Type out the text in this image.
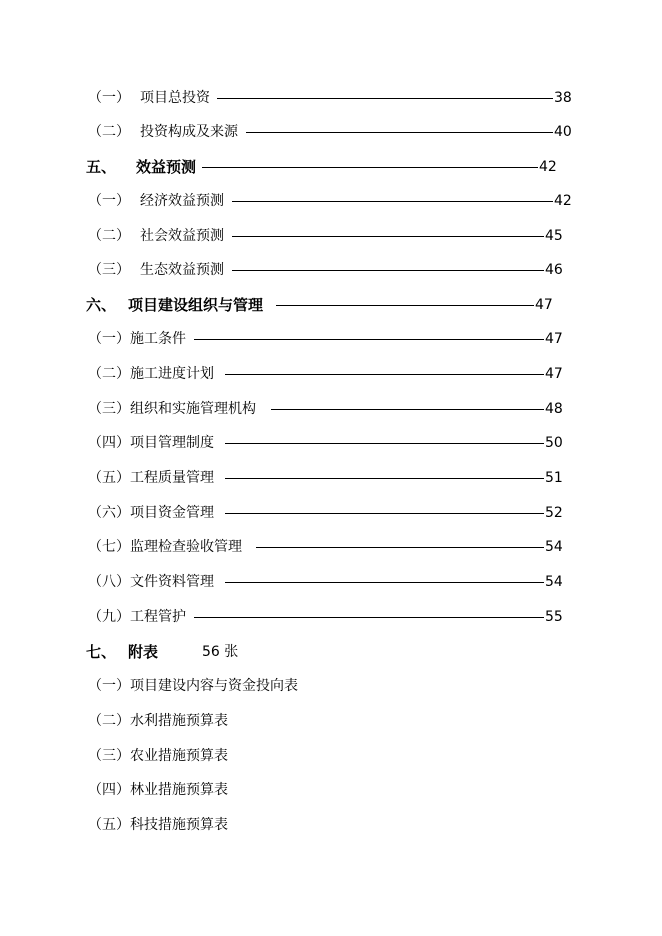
（一） 项目总投资	38
（二） 投资构成及来源	40
五、 效益预测	42
（一） 经济效益预测	42
（二） 社会效益预测	45
（三） 生态效益预测	46
六、 项目建设组织与管理	47
（一） 施工条件	47
（二） 施工进度计划	47
（三） 组织和实施管理机构	48
（四） 项目管理制度	50
（五） 工程质量管理	51
（六） 项目资金管理	52
（七） 监理检查验收管理	54
（八） 文件资料管理	54
（九） 工程管护	55
七、 附表	56 张
（一） 项目建设内容与资金投向表
（二） 水利措施预算表
（三） 农业措施预算表
（四） 林业措施预算表
（五） 科技措施预算表
